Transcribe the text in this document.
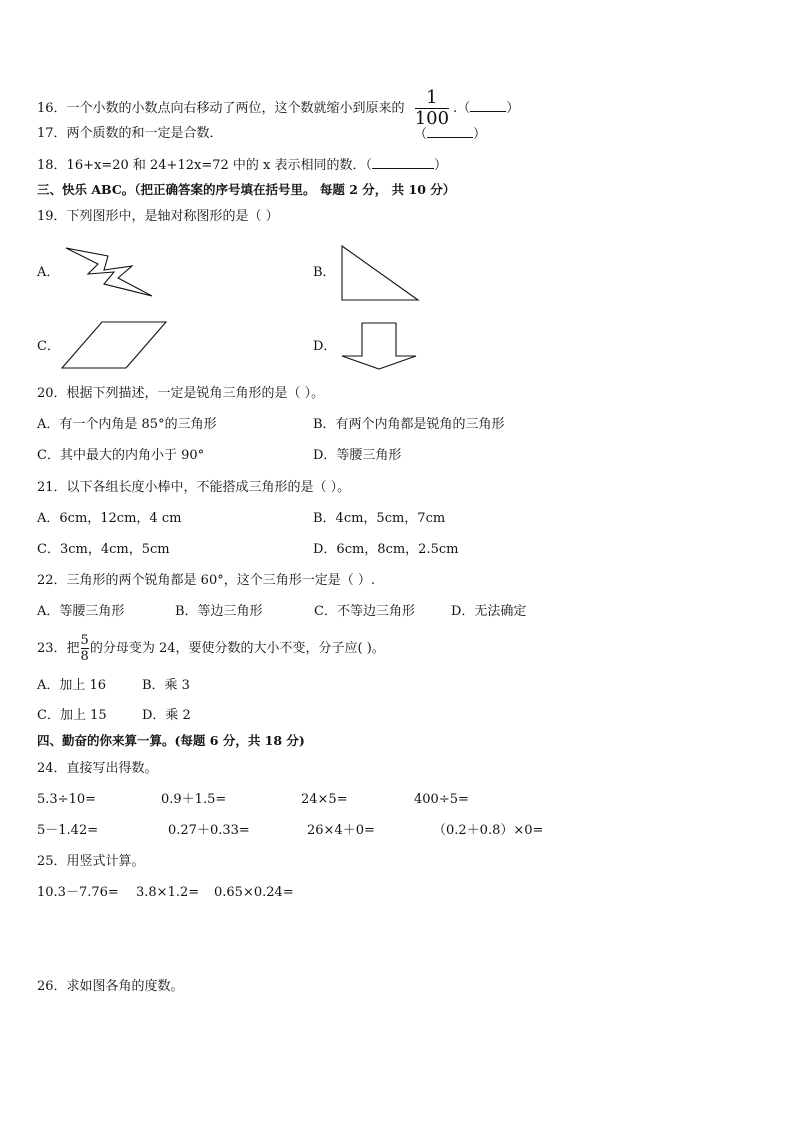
16．一个小数的小数点向右移动了两位，这个数就缩小到原来的 $\frac{1}{100}$ .（	）
17．两个质数的和一定是合数．	（	）
18．16+x=20 和 24+12x=72 中的 x 表示相同的数．（	）
三、快乐 ABC。（把正确答案的序号填在括号里。 每题 2 分， 共 10 分）
19．下列图形中，是轴对称图形的是（ ）
A．	B．
C．	D．
20．根据下列描述，一定是锐角三角形的是（ ）。
A．有一个内角是 85°的三角形	B．有两个内角都是锐角的三角形
C．其中最大的内角小于 90°	D．等腰三角形
21．以下各组长度小棒中，不能搭成三角形的是（ ）。
A．6cm，12cm，4 cm	B．4cm，5cm，7cm
C．3cm，4cm，5cm	D．6cm，8cm，2.5cm
22．三角形的两个锐角都是 60°，这个三角形一定是（ ）.
A．等腰三角形	B．等边三角形	C．不等边三角形	D．无法确定
23．把 $\frac{5}{8}$ 的分母变为 24，要使分数的大小不变，分子应( )。
A．加上 16	B．乘 3
C．加上 15	D．乘 2
四、勤奋的你来算一算。(每题 6 分，共 18 分)
24．直接写出得数。
5.3÷10=	0.9＋1.5=	24×5=	400÷5=
5－1.42=	0.27＋0.33=	26×4＋0=	（0.2＋0.8）×0=
25．用竖式计算。
10.3－7.76= 3.8×1.2= 0.65×0.24=
26．求如图各角的度数。
